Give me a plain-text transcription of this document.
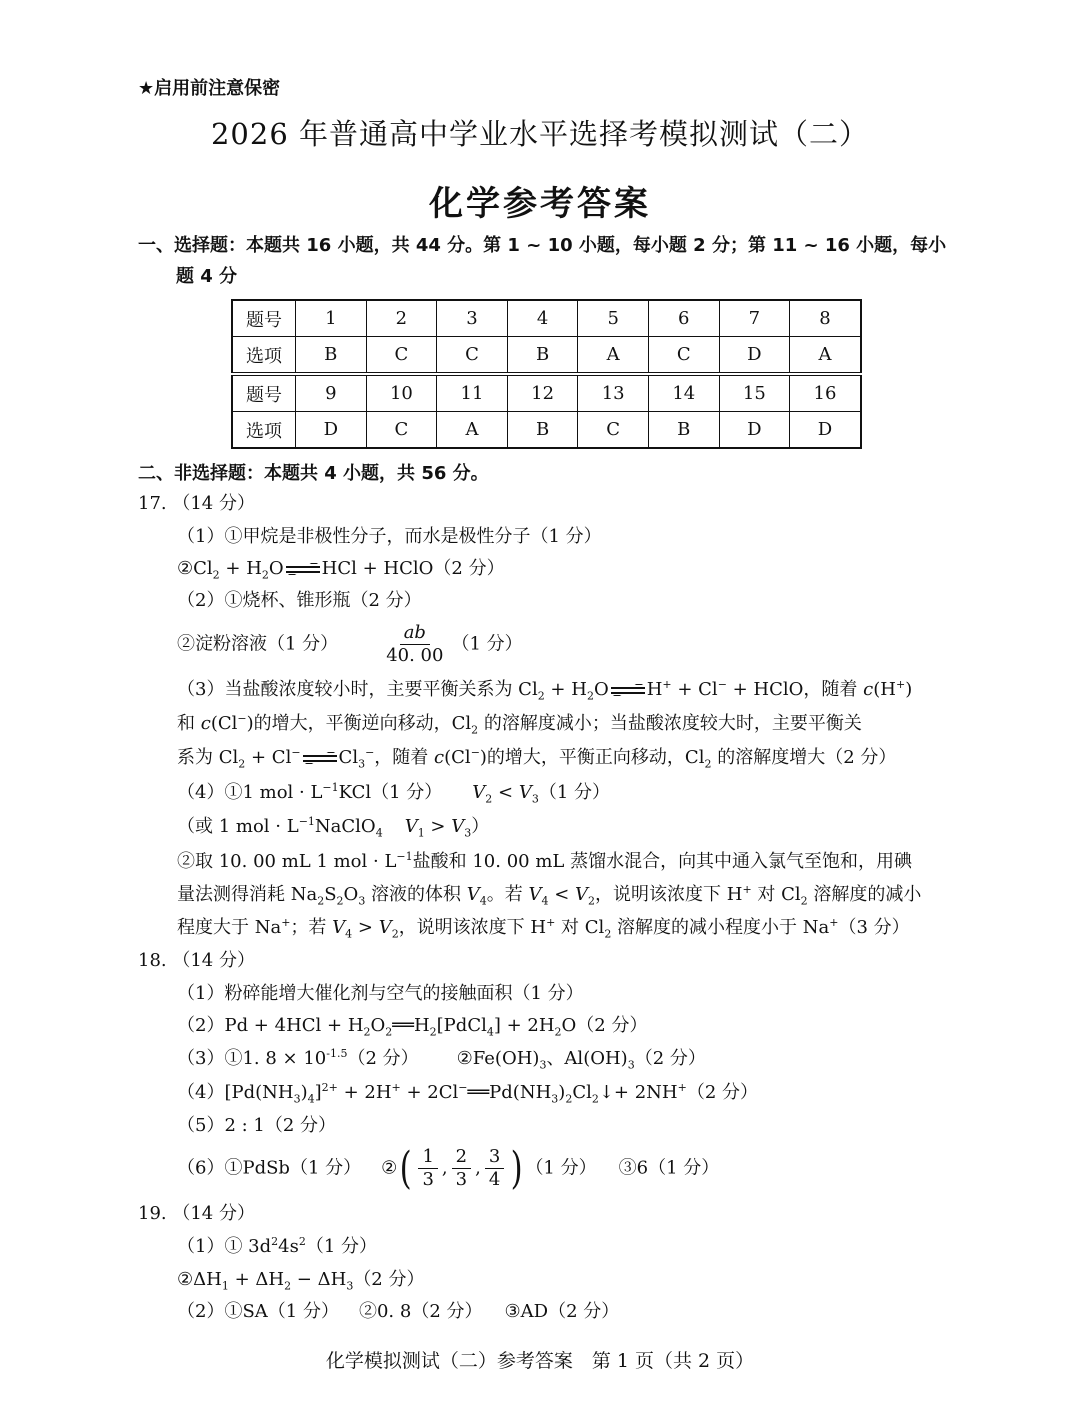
★启用前注意保密
2026 年普通高中学业水平选择考模拟测试（二）
化学参考答案
一、选择题：本题共 16 小题，共 44 分。第 1 ~ 10 小题，每小题 2 分；第 11 ~ 16 小题，每小
题 4 分
题号	1	2	3	4	5	6	7	8
选项	B	C	C	B	A	C	D	A
题号	9	10	11	12	13	14	15	16
选项	D	C	A	B	C	B	D	D
二、非选择题：本题共 4 小题，共 56 分。
17. （14 分）
（1）①甲烷是非极性分子，而水是极性分子（1 分）
$②Cl_2 + H_2O$ HCl + HClO（2 分）
（2）①烧杯、锥形瓶（2 分）
②淀粉溶液（1 分） $\frac{ab}{40. 00} (1$ 分）
（3）当盐酸浓度较小时，主要平衡关系为 $Cl_2 + H_2O$ H+ + Cl− + HClO，随着 c(H+)
和 c(Cl−)的增大，平衡逆向移动，$Cl_2$ 的溶解度减小；当盐酸浓度较大时，主要平衡关
系为 $Cl_2 + Cl^-$ $Cl_3^-$，随着 c(Cl−)的增大，平衡正向移动，$Cl_2$ 的溶解度增大（2 分）
（4）①1 mol · $L^{-1}KCl(1$ 分） $V_2 < V_3(1$ 分）
（或 1 mol · $L^{-1}NaClO_4$ $V_1 > V_3$）
②取 10. 00 mL 1 mol · $L^{-1}$盐酸和 10. 00 mL 蒸馏水混合，向其中通入氯气至饱和，用碘
量法测得消耗 $Na_2S_2O_3$ 溶液的体积 $V_4$。若 $V_4 < V_2$，说明该浓度下 H+ 对 $Cl_2$ 溶解度的减小
程度大于 Na+；若 $V_4 > V_2$，说明该浓度下 H+ 对 $Cl_2$ 溶解度的减小程度小于 Na+（3 分）
18. （14 分）
（1）粉碎能增大催化剂与空气的接触面积（1 分）
$(2)Pd + 4HCl + H_2O_2══H_2[PdCl_4] + 2H_2O(2$ 分）
（3）①1. $8 \times 10^{-1.5}(2$ 分） $②Fe(OH)_3$、$Al(OH)_3(2$ 分）
$(4)[Pd(NH_3)_4]^{2+} + 2H^+$ + $2Cl^-══Pd(NH_3)_2Cl_2↓+ 2NH^+(2$ 分）
（5）2 : 1（2 分）
（6）①PdSb（1 分） ②( $\frac{1}{3}$ , $\frac{2}{3}$ , $\frac{3}{4}$ ) （1 分） ③6（1 分）
19. （14 分）
（1）① $3d^24s^2(1$ 分）
$②\Delta H_1 + \Delta H_2 - \Delta H_3(2$ 分）
（2）①SA（1 分） ②0. 8（2 分） ③AD（2 分）
化学模拟测试（二）参考答案　第 1 页（共 2 页）
